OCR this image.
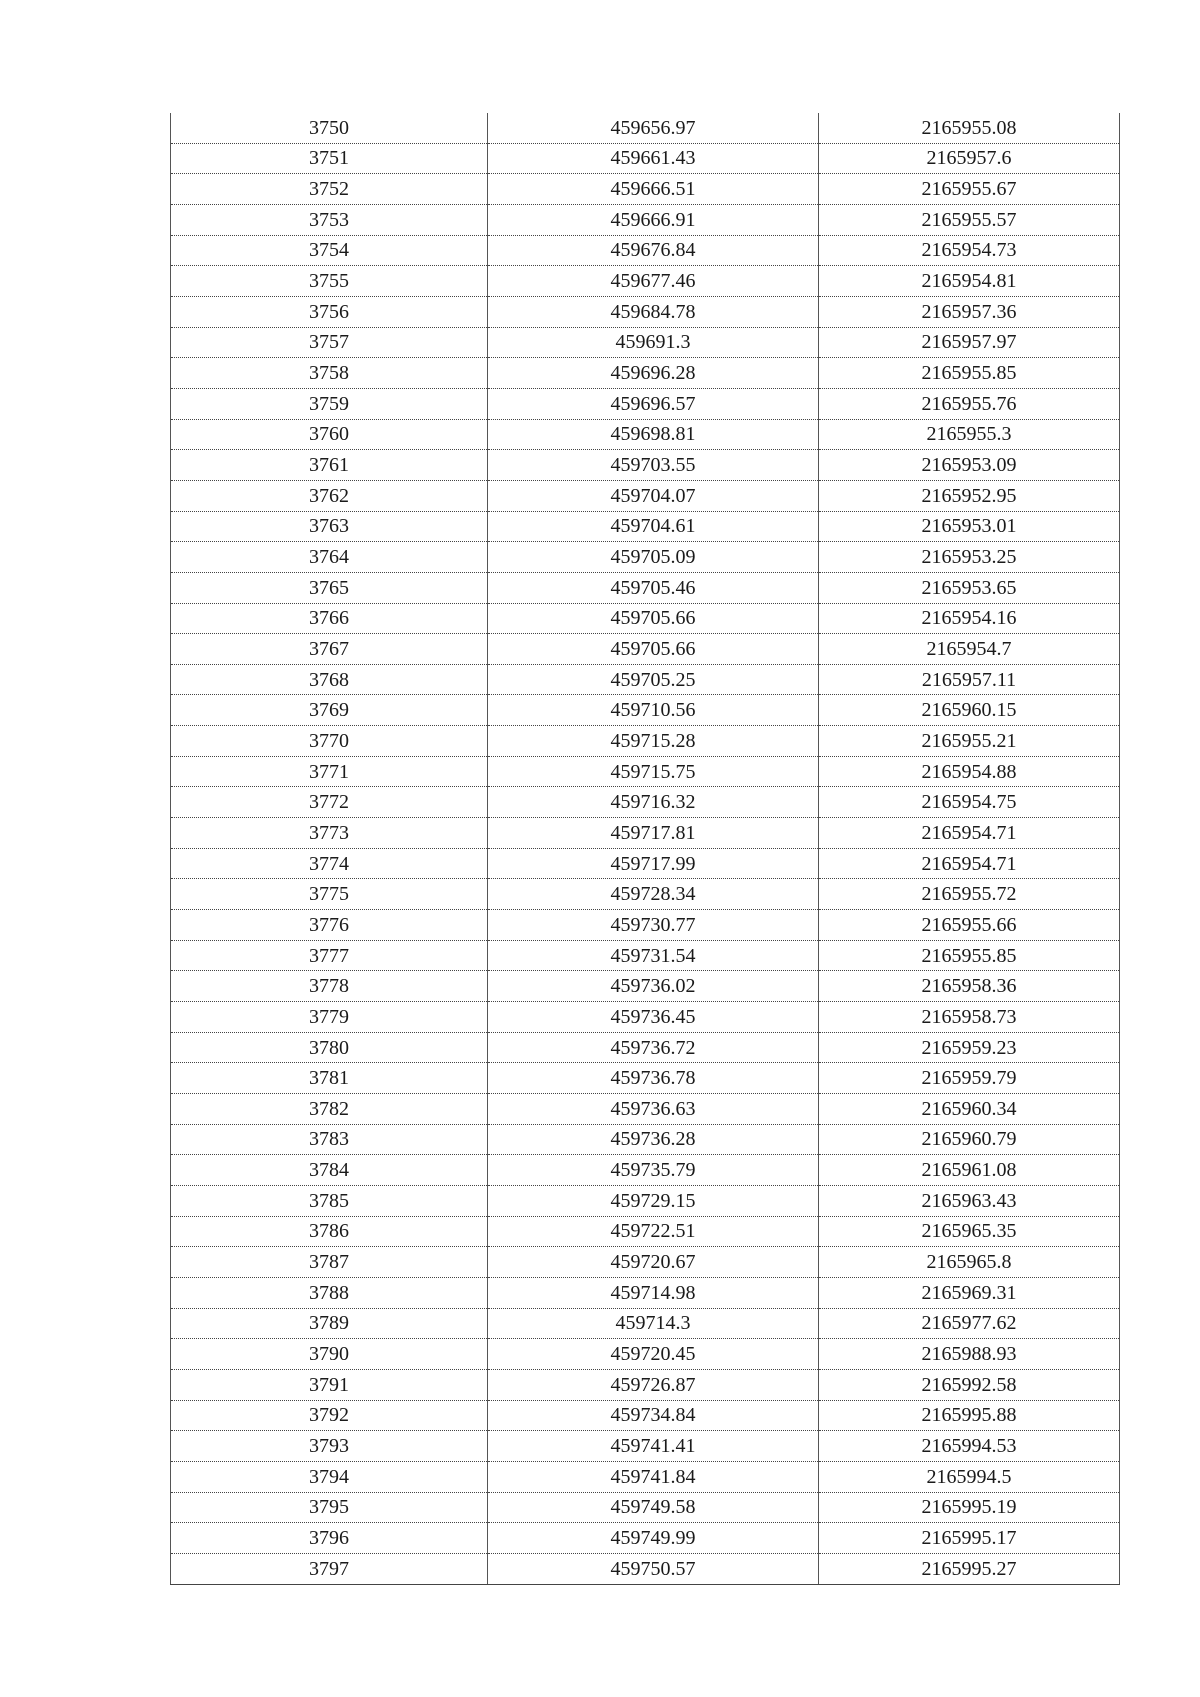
3750	459656.97	2165955.08
3751	459661.43	2165957.6
3752	459666.51	2165955.67
3753	459666.91	2165955.57
3754	459676.84	2165954.73
3755	459677.46	2165954.81
3756	459684.78	2165957.36
3757	459691.3	2165957.97
3758	459696.28	2165955.85
3759	459696.57	2165955.76
3760	459698.81	2165955.3
3761	459703.55	2165953.09
3762	459704.07	2165952.95
3763	459704.61	2165953.01
3764	459705.09	2165953.25
3765	459705.46	2165953.65
3766	459705.66	2165954.16
3767	459705.66	2165954.7
3768	459705.25	2165957.11
3769	459710.56	2165960.15
3770	459715.28	2165955.21
3771	459715.75	2165954.88
3772	459716.32	2165954.75
3773	459717.81	2165954.71
3774	459717.99	2165954.71
3775	459728.34	2165955.72
3776	459730.77	2165955.66
3777	459731.54	2165955.85
3778	459736.02	2165958.36
3779	459736.45	2165958.73
3780	459736.72	2165959.23
3781	459736.78	2165959.79
3782	459736.63	2165960.34
3783	459736.28	2165960.79
3784	459735.79	2165961.08
3785	459729.15	2165963.43
3786	459722.51	2165965.35
3787	459720.67	2165965.8
3788	459714.98	2165969.31
3789	459714.3	2165977.62
3790	459720.45	2165988.93
3791	459726.87	2165992.58
3792	459734.84	2165995.88
3793	459741.41	2165994.53
3794	459741.84	2165994.5
3795	459749.58	2165995.19
3796	459749.99	2165995.17
3797	459750.57	2165995.27
